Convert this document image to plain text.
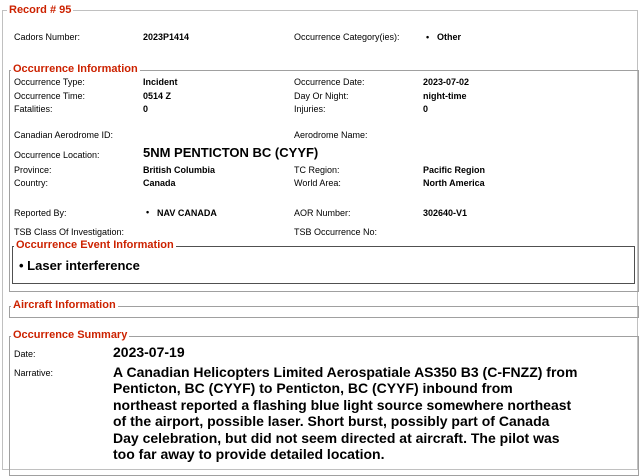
Record # 95
Cadors Number:	2023P1414	Occurrence Category(ies):	• Other
Occurrence Information
Occurrence Type:	Incident	Occurrence Date:	2023-07-02
Occurrence Time:	0514 Z	Day Or Night:	night-time
Fatalities:	0	Injuries:	0
Canadian Aerodrome ID:	Aerodrome Name:
Occurrence Location:	5NM PENTICTON BC (CYYF)
Province:	British Columbia	TC Region:	Pacific Region
Country:	Canada	World Area:	North America
Reported By:	• NAV CANADA	AOR Number:	302640-V1
TSB Class Of Investigation:	TSB Occurrence No:
Occurrence Event Information
• Laser interference
Aircraft Information
Occurrence Summary
Date:	2023-07-19
Narrative:	A Canadian Helicopters Limited Aerospatiale AS350 B3 (C-FNZZ) from Penticton, BC (CYYF) to Penticton, BC (CYYF) inbound from northeast reported a flashing blue light source somewhere northeast of the airport, possible laser. Short burst, possibly part of Canada Day celebration, but did not seem directed at aircraft. The pilot was too far away to provide detailed location.
